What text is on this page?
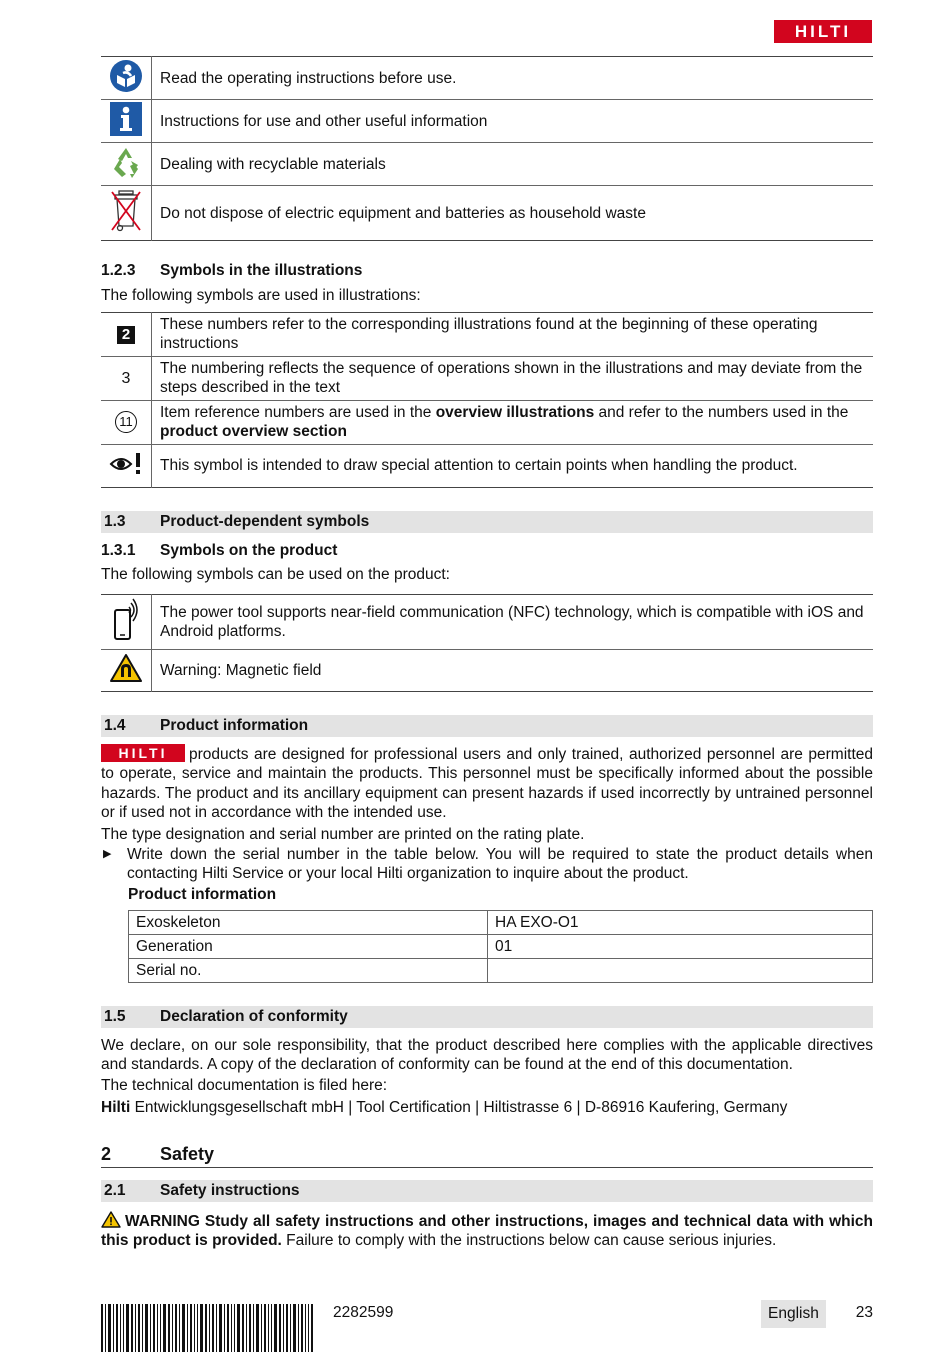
HILTI
	Read the operating instructions before use.
	Instructions for use and other useful information
	Dealing with recyclable materials
	Do not dispose of electric equipment and batteries as household waste

1.2.3 Symbols in the illustrations

The following symbols are used in illustrations:

2	These numbers refer to the corresponding illustrations found at the beginning of these operating instructions
3	The numbering reflects the sequence of operations shown in the illustrations and may deviate from the steps described in the text
11	Item reference numbers are used in the overview illustrations and refer to the numbers used in the product overview section
	This symbol is intended to draw special attention to certain points when handling the product.
1.3 Product-dependent symbols

1.3.1 Symbols on the product

The following symbols can be used on the product:

	The power tool supports near-field communication (NFC) technology, which is compatible with iOS and Android platforms.
	Warning: Magnetic field
1.4 Product information

HILTI products are designed for professional users and only trained, authorized personnel are permitted to operate, service and maintain the products. This personnel must be specifically informed about the possible hazards. The product and its ancillary equipment can present hazards if used incorrectly by untrained personnel or if used not in accordance with the intended use.

The type designation and serial number are printed on the rating plate.

▶ Write down the serial number in the table below. You will be required to state the product details when contacting Hilti Service or your local Hilti organization to inquire about the product.

Product information

Exoskeleton	HA EXO-O1
Generation	01
Serial no.	
1.5 Declaration of conformity

We declare, on our sole responsibility, that the product described here complies with the applicable directives and standards. A copy of the declaration of conformity can be found at the end of this documentation.

The technical documentation is filed here:

Hilti Entwicklungsgesellschaft mbH | Tool Certification | Hiltistrasse 6 | D-86916 Kaufering, Germany

2	Safety
2.1 Safety instructions

WARNING Study all safety instructions and other instructions, images and technical data with which this product is provided. Failure to comply with the instructions below can cause serious injuries.

2282599	English	23
